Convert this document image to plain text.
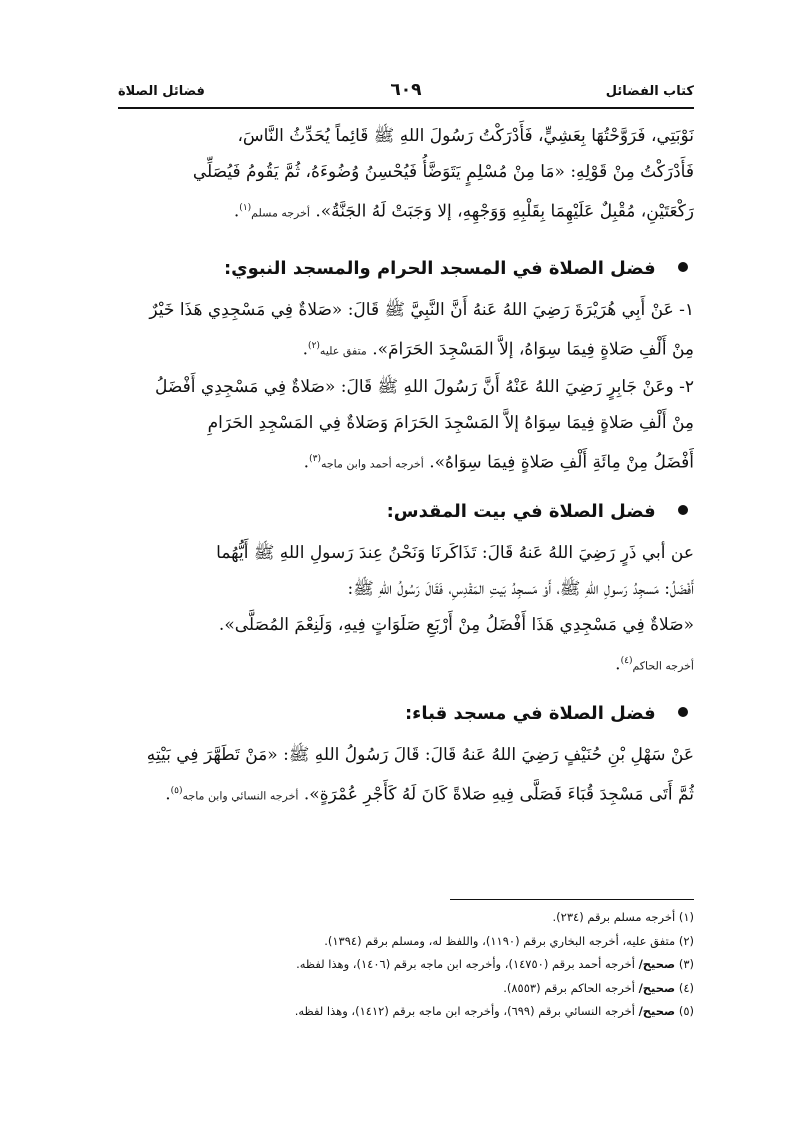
كتاب الفضائل
٦٠٩
فضائل الصلاة

نَوْبَتِي، فَرَوَّحْتُهَا بِعَشِيٍّ، فَأَدْرَكْتُ رَسُولَ اللهِ ﷺ قَائِماً يُحَدِّثُ النَّاسَ،

فَأَدْرَكْتُ مِنْ قَوْلِهِ: «مَا مِنْ مُسْلِمٍ يَتَوَضَّأُ فَيُحْسِنُ وُضُوءَهُ، ثُمَّ يَقُومُ فَيُصَلِّي

رَكْعَتَيْنِ، مُقْبِلٌ عَلَيْهِمَا بِقَلْبِهِ وَوَجْهِهِ، إلا وَجَبَتْ لَهُ الجَنَّةُ». أخرجه مسلم$^{(١)}$.

فضل الصلاة في المسجد الحرام والمسجد النبوي:

١- عَنْ أَبِي هُرَيْرَةَ رَضِيَ اللهُ عَنهُ أَنَّ النَّبِيَّ ﷺ قَالَ: «صَلاةٌ فِي مَسْجِدِي هَذَا خَيْرٌ

مِنْ أَلْفِ صَلاةٍ فِيمَا سِوَاهُ، إلاَّ المَسْجِدَ الحَرَامَ». متفق عليه$^{(٢)}$.

٢- وعَنْ جَابِرٍ رَضِيَ اللهُ عَنْهُ أَنَّ رَسُولَ اللهِ ﷺ قَالَ: «صَلاةٌ فِي مَسْجِدِي أَفْضَلُ

مِنْ أَلْفِ صَلاةٍ فِيمَا سِوَاهُ إلاَّ المَسْجِدَ الحَرَامَ وَصَلاةٌ فِي المَسْجِدِ الحَرَامِ

أَفْضَلُ مِنْ مِائَةِ أَلْفِ صَلاةٍ فِيمَا سِوَاهُ». أخرجه أحمد وابن ماجه$^{(٣)}$.

فضل الصلاة في بيت المقدس:

عن أبي ذَرٍ رَضِيَ اللهُ عَنهُ قَالَ: تَذَاكَرنَا وَنَحْنُ عِندَ رَسولِ اللهِ ﷺ أَيُّهُما

أَفْضَلُ: مَسجِدُ رَسولِ اللهِ ﷺ، أَوْ مَسجِدُ بَيتِ المَقْدِسِ، فَقَالَ رَسُولُ اللهِ ﷺ:

«صَلاةٌ فِي مَسْجِدِي هَذَا أَفْضَلُ مِنْ أَرْبَعِ صَلَوَاتٍ فِيهِ، وَلَنِعْمَ المُصَلَّى».

أخرجه الحاكم$^{(٤)}$.

فضل الصلاة في مسجد قباء:

عَنْ سَهْلِ بْنِ حُنَيْفٍ رَضِيَ اللهُ عَنهُ قَالَ: قَالَ رَسُولُ اللهِ ﷺ: «مَنْ تَطَهَّرَ فِي بَيْتِهِ

ثُمَّ أَتَى مَسْجِدَ قُبَاءَ فَصَلَّى فِيهِ صَلاةً كَانَ لَهُ كَأَجْرِ عُمْرَةٍ». أخرجه النسائي وابن ماجه$^{(٥)}$.

(١) أخرجه مسلم برقم (٢٣٤).

(٢) متفق عليه، أخرجه البخاري برقم (١١٩٠)، واللفظ له، ومسلم برقم (١٣٩٤).

(٣) صحيح/ أخرجه أحمد برقم (١٤٧٥٠)، وأخرجه ابن ماجه برقم (١٤٠٦)، وهذا لفظه.

(٤) صحيح/ أخرجه الحاكم برقم (٨٥٥٣).

(٥) صحيح/ أخرجه النسائي برقم (٦٩٩)، وأخرجه ابن ماجه برقم (١٤١٢)، وهذا لفظه.
